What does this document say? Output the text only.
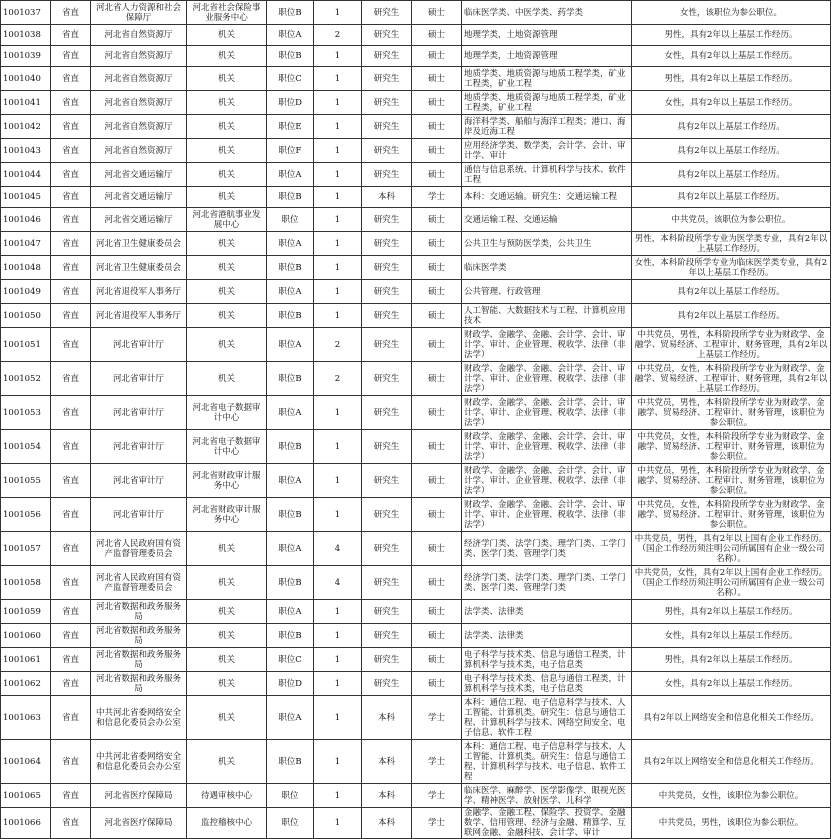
1001037	省直	河北省人力资源和社会保障厅	河北省社会保险事业服务中心	职位B	1	研究生	硕士	临床医学类、中医学类、药学类	女性，该职位为参公职位。	
1001038	省直	河北省自然资源厅	机关	职位A	2	研究生	硕士	地理学类，土地资源管理	男性，具有2年以上基层工作经历。	
1001039	省直	河北省自然资源厅	机关	职位B	1	研究生	硕士	地理学类，土地资源管理	女性，具有2年以上基层工作经历。	
1001040	省直	河北省自然资源厅	机关	职位C	1	研究生	硕士	地质学类、地质资源与地质工程学类，矿业工程类，矿业工程	男性，具有2年以上基层工作经历。	
1001041	省直	河北省自然资源厅	机关	职位D	1	研究生	硕士	地质学类、地质资源与地质工程学类，矿业工程类，矿业工程	女性，具有2年以上基层工作经历。	
1001042	省直	河北省自然资源厅	机关	职位E	1	研究生	硕士	海洋科学类、船舶与海洋工程类；港口、海岸及近海工程	具有2年以上基层工作经历。	
1001043	省直	河北省自然资源厅	机关	职位F	1	研究生	硕士	应用经济学类、数学类，会计学、会计、审计学、审计	具有2年以上基层工作经历。	
1001044	省直	河北省交通运输厅	机关	职位A	1	研究生	硕士	通信与信息系统、计算机科学与技术、软件工程	具有2年以上基层工作经历。	
1001045	省直	河北省交通运输厅	机关	职位B	1	本科	学士	本科：交通运输。研究生：交通运输工程	具有2年以上基层工作经历。	
1001046	省直	河北省交通运输厅	河北省港航事业发展中心	职位	1	研究生	硕士	交通运输工程、交通运输	中共党员，该职位为参公职位。	
1001047	省直	河北省卫生健康委员会	机关	职位A	1	研究生	硕士	公共卫生与预防医学类，公共卫生	男性，本科阶段所学专业为医学类专业，具有2年以上基层工作经历。	
1001048	省直	河北省卫生健康委员会	机关	职位B	1	研究生	硕士	临床医学类	女性，本科阶段所学专业为临床医学类专业，具有2年以上基层工作经历。	
1001049	省直	河北省退役军人事务厅	机关	职位A	1	研究生	硕士	公共管理、行政管理	具有2年以上基层工作经历。	
1001050	省直	河北省退役军人事务厅	机关	职位B	1	研究生	硕士	人工智能、大数据技术与工程、计算机应用技术	具有2年以上基层工作经历。	
1001051	省直	河北省审计厅	机关	职位A	2	研究生	硕士	财政学、金融学、金融、会计学、会计、审计学、审计、企业管理、税收学、法律（非法学）	中共党员，男性，本科阶段所学专业为财政学、金融学、贸易经济、工程审计、财务管理，具有2年以上基层工作经历。	
1001052	省直	河北省审计厅	机关	职位B	2	研究生	硕士	财政学、金融学、金融、会计学、会计、审计学、审计、企业管理、税收学、法律（非法学）	中共党员，女性，本科阶段所学专业为财政学、金融学、贸易经济、工程审计、财务管理，具有2年以上基层工作经历。	
1001053	省直	河北省审计厅	河北省电子数据审计中心	职位A	1	研究生	硕士	财政学、金融学、金融、会计学、会计、审计学、审计、企业管理、税收学、法律（非法学）	中共党员，男性，本科阶段所学专业为财政学、金融学、贸易经济、工程审计、财务管理，该职位为参公职位。	
1001054	省直	河北省审计厅	河北省电子数据审计中心	职位B	1	研究生	硕士	财政学、金融学、金融、会计学、会计、审计学、审计、企业管理、税收学、法律（非法学）	中共党员，女性，本科阶段所学专业为财政学、金融学、贸易经济、工程审计、财务管理，该职位为参公职位。	
1001055	省直	河北省审计厅	河北省财政审计服务中心	职位A	1	研究生	硕士	财政学、金融学、金融、会计学、会计、审计学、审计、企业管理、税收学、法律（非法学）	中共党员，男性，本科阶段所学专业为财政学、金融学、贸易经济、工程审计、财务管理，该职位为参公职位。	
1001056	省直	河北省审计厅	河北省财政审计服务中心	职位B	1	研究生	硕士	财政学、金融学、金融、会计学、会计、审计学、审计、企业管理、税收学、法律（非法学）	中共党员，女性，本科阶段所学专业为财政学、金融学、贸易经济、工程审计、财务管理，该职位为参公职位。	
1001057	省直	河北省人民政府国有资产监督管理委员会	机关	职位A	4	研究生	硕士	经济学门类、法学门类、理学门类、工学门类、医学门类、管理学门类	中共党员，男性，具有2年以上国有企业工作经历。（国企工作经历须注明公司所属国有企业一级公司名称）。	
1001058	省直	河北省人民政府国有资产监督管理委员会	机关	职位B	4	研究生	硕士	经济学门类、法学门类、理学门类、工学门类、医学门类、管理学门类	中共党员，女性，具有2年以上国有企业工作经历。（国企工作经历须注明公司所属国有企业一级公司名称）。	
1001059	省直	河北省数据和政务服务局	机关	职位A	1	研究生	硕士	法学类、法律类	男性，具有2年以上基层工作经历。	
1001060	省直	河北省数据和政务服务局	机关	职位B	1	研究生	硕士	法学类、法律类	女性，具有2年以上基层工作经历。	
1001061	省直	河北省数据和政务服务局	机关	职位C	1	研究生	硕士	电子科学与技术类、信息与通信工程类，计算机科学与技术类，电子信息类	男性，具有2年以上基层工作经历。	
1001062	省直	河北省数据和政务服务局	机关	职位D	1	研究生	硕士	电子科学与技术类、信息与通信工程类，计算机科学与技术类，电子信息类	女性，具有2年以上基层工作经历。	
1001063	省直	中共河北省委网络安全和信息化委员会办公室	机关	职位A	1	本科	学士	本科：通信工程、电子信息科学与技术、人工智能、计算机类。研究生：信息与通信工程、计算机科学与技术、网络空间安全、电子信息、软件工程	具有2年以上网络安全和信息化相关工作经历。	
1001064	省直	中共河北省委网络安全和信息化委员会办公室	机关	职位B	1	本科	学士	本科：通信工程、电子信息科学与技术、人工智能、计算机类。研究生：信息与通信工程、计算机科学与技术、电子信息、软件工程	具有2年以上网络安全和信息化相关工作经历。	
1001065	省直	河北省医疗保障局	待遇审核中心	职位	1	本科	学士	临床医学、麻醉学、医学影像学、眼视光医学、精神医学、放射医学、儿科学	中共党员，女性，该职位为参公职位。	
1001066	省直	河北省医疗保障局	监控稽核中心	职位	1	本科	学士	金融学、金融工程、保险学、投资学、金融数学、信用管理、经济与金融、精算学、互联网金融、金融科技、会计学、审计	中共党员，男性，该职位为参公职位。	
